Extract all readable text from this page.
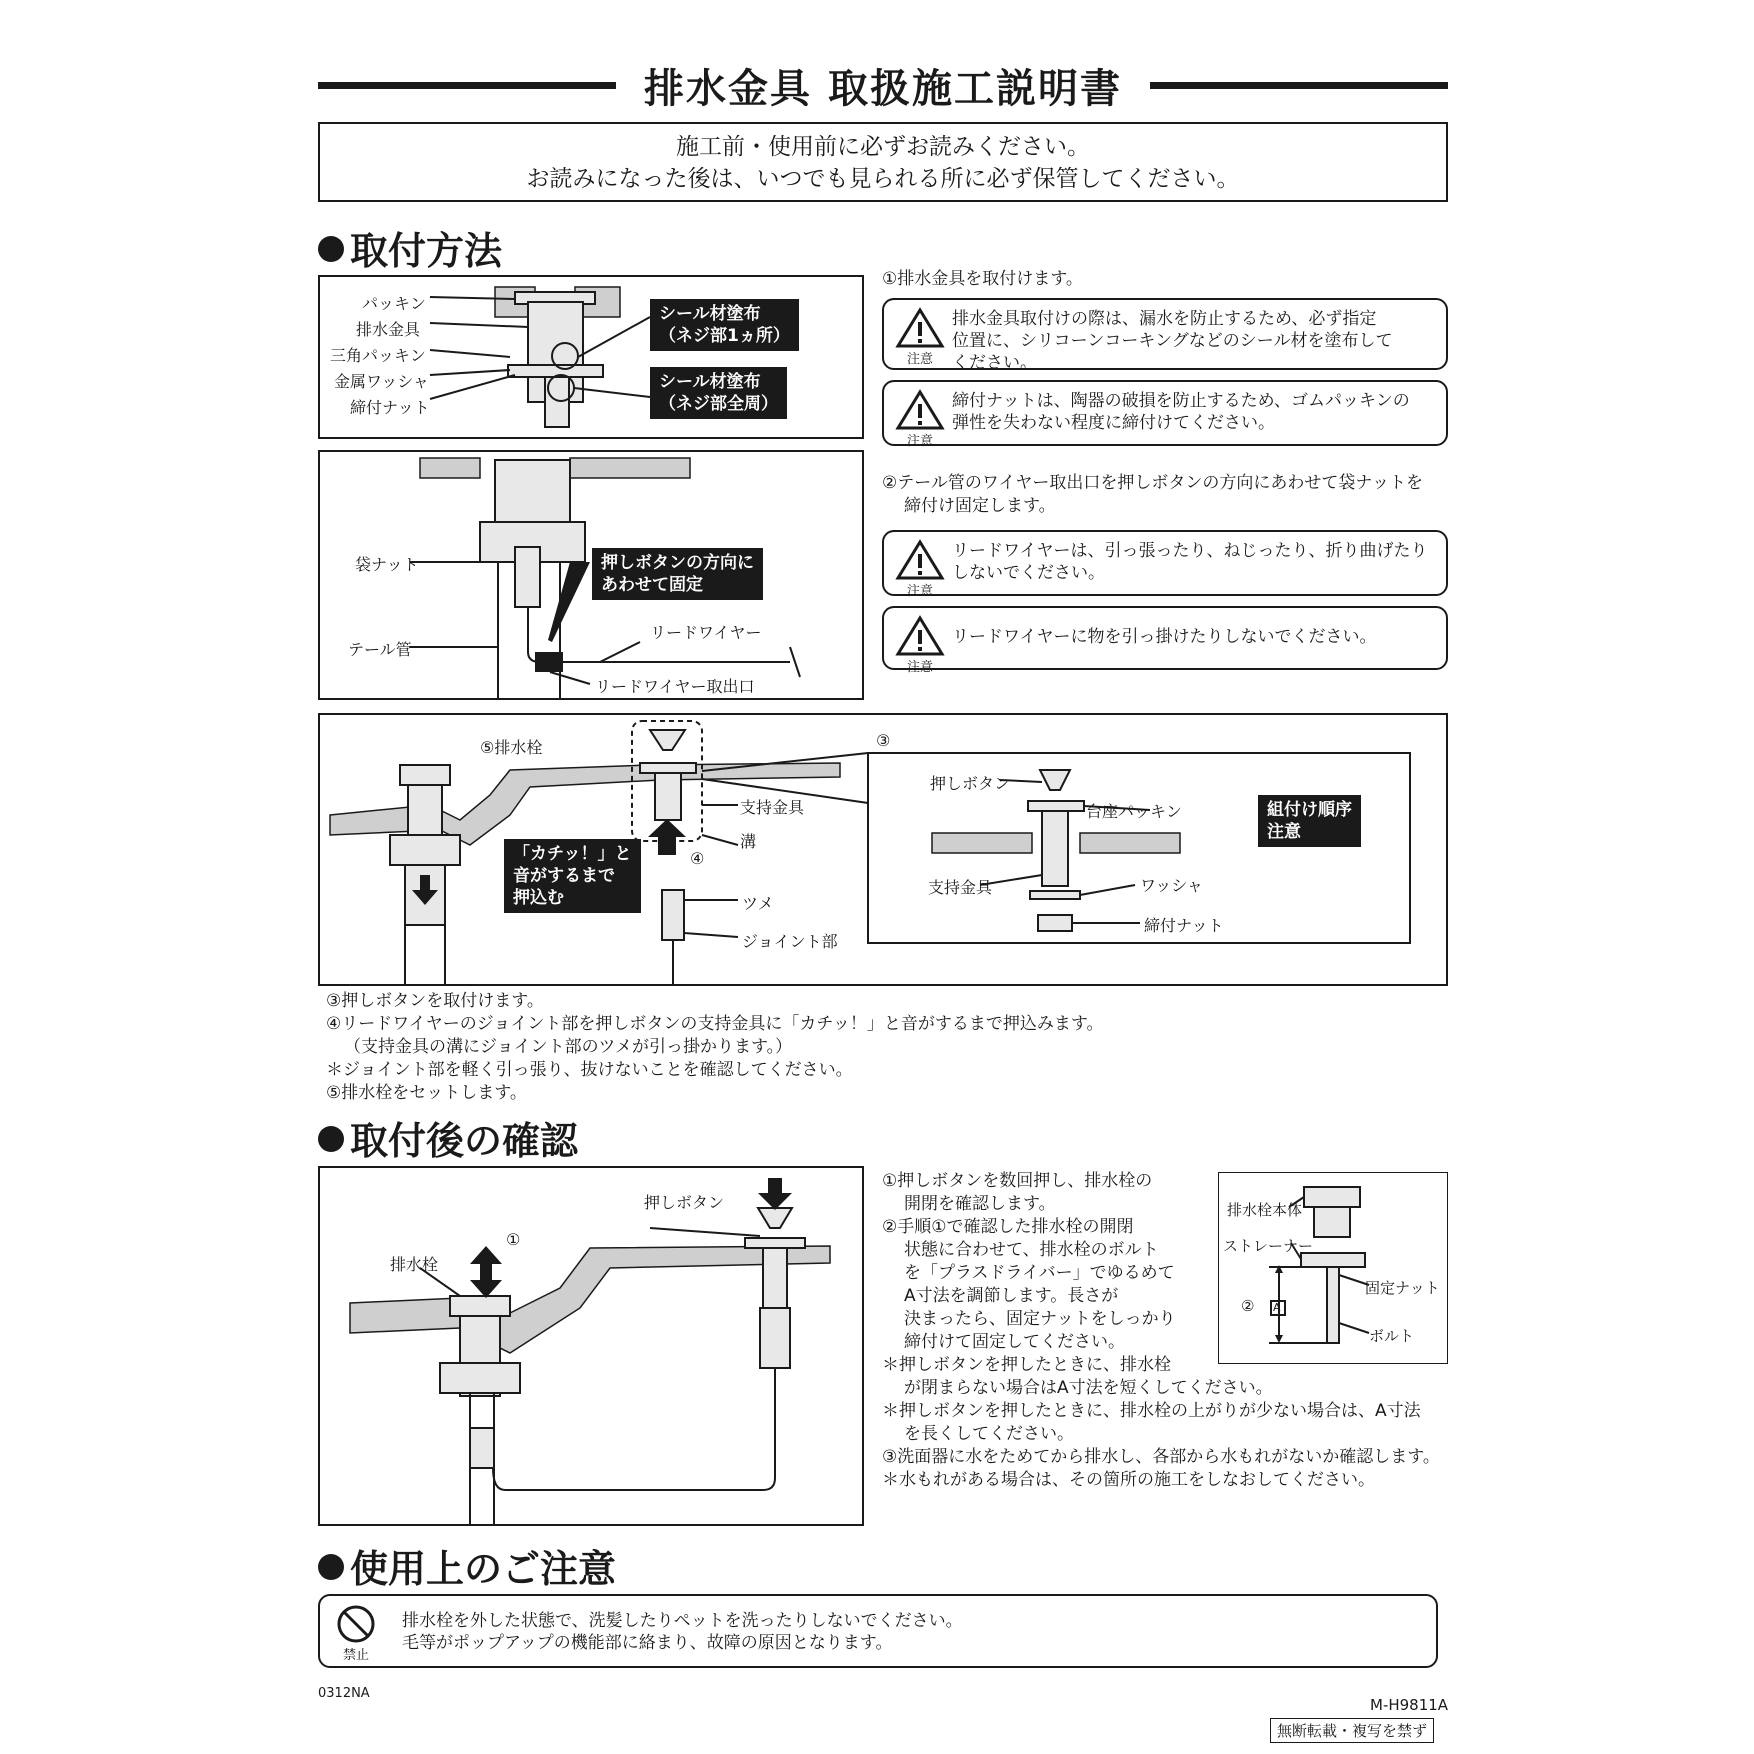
排水金具 取扱施工説明書
施工前・使用前に必ずお読みください。
お読みになった後は、いつでも見られる所に必ず保管してください。
取付方法
パッキン
排水金具
三角パッキン
金属ワッシャ
締付ナット
シール材塗布
（ネジ部1ヵ所）
シール材塗布
（ネジ部全周）
①排水金具を取付けます。
注意
排水金具取付けの際は、漏水を防止するため、必ず指定
位置に、シリコーンコーキングなどのシール材を塗布して
ください。
注意
締付ナットは、陶器の破損を防止するため、ゴムパッキンの
弾性を失わない程度に締付けてください。
袋ナット
テール管
押しボタンの方向に
あわせて固定
リードワイヤー
リードワイヤー取出口
②テール管のワイヤー取出口を押しボタンの方向にあわせて袋ナットを
締付け固定します。
注意
リードワイヤーは、引っ張ったり、ねじったり、折り曲げたり
しないでください。
注意
リードワイヤーに物を引っ掛けたりしないでください。
⑤排水栓	③
支持金具
溝
「カチッ！」と
音がするまで
押込む
④
ツメ
ジョイント部
押しボタン
台座パッキン	組付け順序
注意
支持金具	ワッシャ
締付ナット
③押しボタンを取付けます。
④リードワイヤーのジョイント部を押しボタンの支持金具に「カチッ！」と音がするまで押込みます。
（支持金具の溝にジョイント部のツメが引っ掛かります。）
＊ジョイント部を軽く引っ張り、抜けないことを確認してください。
⑤排水栓をセットします。
取付後の確認
押しボタン
排水栓
①
①押しボタンを数回押し、排水栓の
開閉を確認します。
②手順①で確認した排水栓の開閉
状態に合わせて、排水栓のボルト
を「プラスドライバー」でゆるめて
A寸法を調節します。長さが
決まったら、固定ナットをしっかり
締付けて固定してください。
＊押しボタンを押したときに、排水栓
が閉まらない場合はA寸法を短くしてください。
＊押しボタンを押したときに、排水栓の上がりが少ない場合は、A寸法
を長くしてください。
③洗面器に水をためてから排水し、各部から水もれがないか確認します。
＊水もれがある場合は、その箇所の施工をしなおしてください。
排水栓本体
ストレーナー
固定ナット
ボルト
② A
使用上のご注意
禁止
排水栓を外した状態で、洗髪したりペットを洗ったりしないでください。
毛等がポップアップの機能部に絡まり、故障の原因となります。
0312NA
M-H9811A
無断転載・複写を禁ず
